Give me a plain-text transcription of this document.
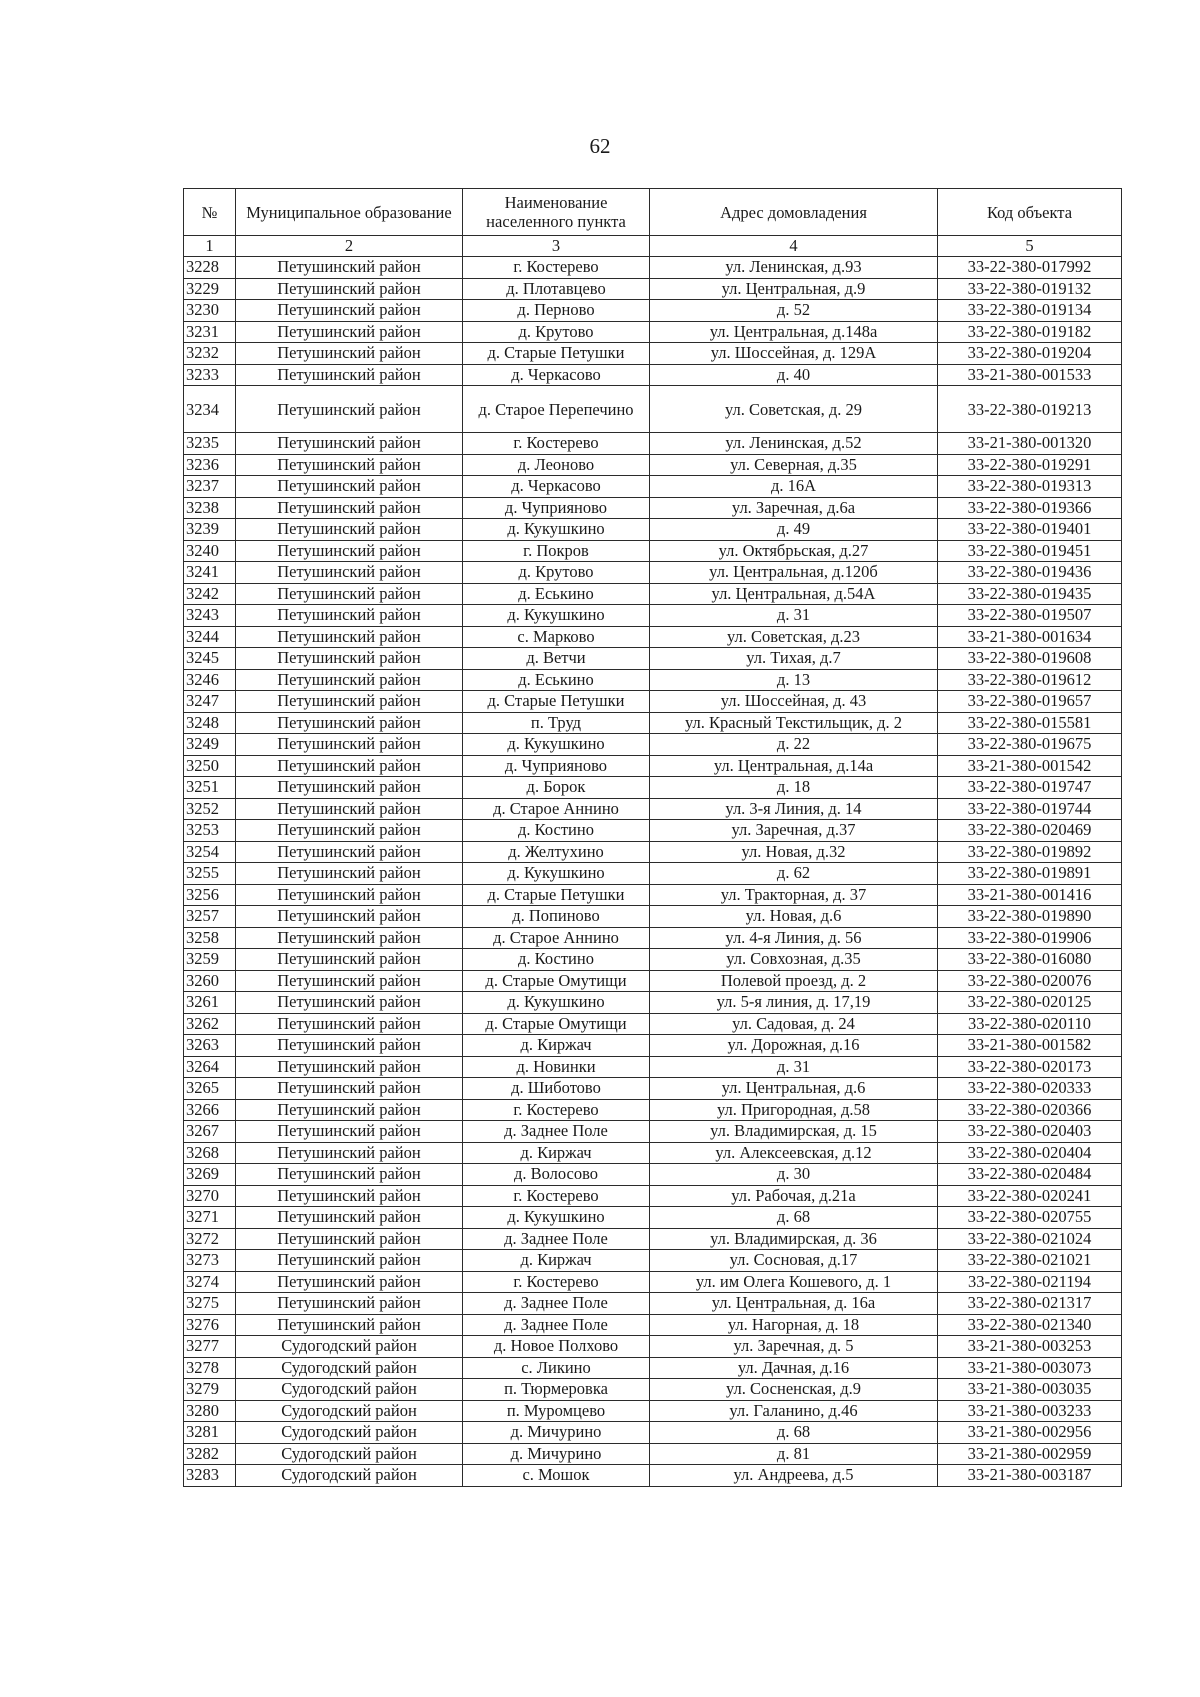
62
№	Муниципальное образование	Наименование населенного пункта	Адрес домовладения	Код объекта
1	2	3	4	5
3228	Петушинский район	г. Костерево	ул. Ленинская, д.93	33-22-380-017992
3229	Петушинский район	д. Плотавцево	ул. Центральная, д.9	33-22-380-019132
3230	Петушинский район	д. Перново	д. 52	33-22-380-019134
3231	Петушинский район	д. Крутово	ул. Центральная, д.148а	33-22-380-019182
3232	Петушинский район	д. Старые Петушки	ул. Шоссейная, д. 129А	33-22-380-019204
3233	Петушинский район	д. Черкасово	д. 40	33-21-380-001533
3234	Петушинский район	д. Старое Перепечино	ул. Советская, д. 29	33-22-380-019213
3235	Петушинский район	г. Костерево	ул. Ленинская, д.52	33-21-380-001320
3236	Петушинский район	д. Леоново	ул. Северная, д.35	33-22-380-019291
3237	Петушинский район	д. Черкасово	д. 16А	33-22-380-019313
3238	Петушинский район	д. Чуприяново	ул. Заречная, д.6а	33-22-380-019366
3239	Петушинский район	д. Кукушкино	д. 49	33-22-380-019401
3240	Петушинский район	г. Покров	ул. Октябрьская, д.27	33-22-380-019451
3241	Петушинский район	д. Крутово	ул. Центральная, д.120б	33-22-380-019436
3242	Петушинский район	д. Еськино	ул. Центральная, д.54А	33-22-380-019435
3243	Петушинский район	д. Кукушкино	д. 31	33-22-380-019507
3244	Петушинский район	с. Марково	ул. Советская, д.23	33-21-380-001634
3245	Петушинский район	д. Ветчи	ул. Тихая, д.7	33-22-380-019608
3246	Петушинский район	д. Еськино	д. 13	33-22-380-019612
3247	Петушинский район	д. Старые Петушки	ул. Шоссейная, д. 43	33-22-380-019657
3248	Петушинский район	п. Труд	ул. Красный Текстильщик, д. 2	33-22-380-015581
3249	Петушинский район	д. Кукушкино	д. 22	33-22-380-019675
3250	Петушинский район	д. Чуприяново	ул. Центральная, д.14а	33-21-380-001542
3251	Петушинский район	д. Борок	д. 18	33-22-380-019747
3252	Петушинский район	д. Старое Аннино	ул. 3-я Линия, д. 14	33-22-380-019744
3253	Петушинский район	д. Костино	ул. Заречная, д.37	33-22-380-020469
3254	Петушинский район	д. Желтухино	ул. Новая, д.32	33-22-380-019892
3255	Петушинский район	д. Кукушкино	д. 62	33-22-380-019891
3256	Петушинский район	д. Старые Петушки	ул. Тракторная, д. 37	33-21-380-001416
3257	Петушинский район	д. Попиново	ул. Новая, д.6	33-22-380-019890
3258	Петушинский район	д. Старое Аннино	ул. 4-я Линия, д. 56	33-22-380-019906
3259	Петушинский район	д. Костино	ул. Совхозная, д.35	33-22-380-016080
3260	Петушинский район	д. Старые Омутищи	Полевой проезд, д. 2	33-22-380-020076
3261	Петушинский район	д. Кукушкино	ул. 5-я линия, д. 17,19	33-22-380-020125
3262	Петушинский район	д. Старые Омутищи	ул. Садовая, д. 24	33-22-380-020110
3263	Петушинский район	д. Киржач	ул. Дорожная, д.16	33-21-380-001582
3264	Петушинский район	д. Новинки	д. 31	33-22-380-020173
3265	Петушинский район	д. Шиботово	ул. Центральная, д.6	33-22-380-020333
3266	Петушинский район	г. Костерево	ул. Пригородная, д.58	33-22-380-020366
3267	Петушинский район	д. Заднее Поле	ул. Владимирская, д. 15	33-22-380-020403
3268	Петушинский район	д. Киржач	ул. Алексеевская, д.12	33-22-380-020404
3269	Петушинский район	д. Волосово	д. 30	33-22-380-020484
3270	Петушинский район	г. Костерево	ул. Рабочая, д.21а	33-22-380-020241
3271	Петушинский район	д. Кукушкино	д. 68	33-22-380-020755
3272	Петушинский район	д. Заднее Поле	ул. Владимирская, д. 36	33-22-380-021024
3273	Петушинский район	д. Киржач	ул. Сосновая, д.17	33-22-380-021021
3274	Петушинский район	г. Костерево	ул. им Олега Кошевого, д. 1	33-22-380-021194
3275	Петушинский район	д. Заднее Поле	ул. Центральная, д. 16а	33-22-380-021317
3276	Петушинский район	д. Заднее Поле	ул. Нагорная, д. 18	33-22-380-021340
3277	Судогодский район	д. Новое Полхово	ул. Заречная, д. 5	33-21-380-003253
3278	Судогодский район	с. Ликино	ул. Дачная, д.16	33-21-380-003073
3279	Судогодский район	п. Тюрмеровка	ул. Сосненская, д.9	33-21-380-003035
3280	Судогодский район	п. Муромцево	ул. Галанино, д.46	33-21-380-003233
3281	Судогодский район	д. Мичурино	д. 68	33-21-380-002956
3282	Судогодский район	д. Мичурино	д. 81	33-21-380-002959
3283	Судогодский район	с. Мошок	ул. Андреева, д.5	33-21-380-003187
